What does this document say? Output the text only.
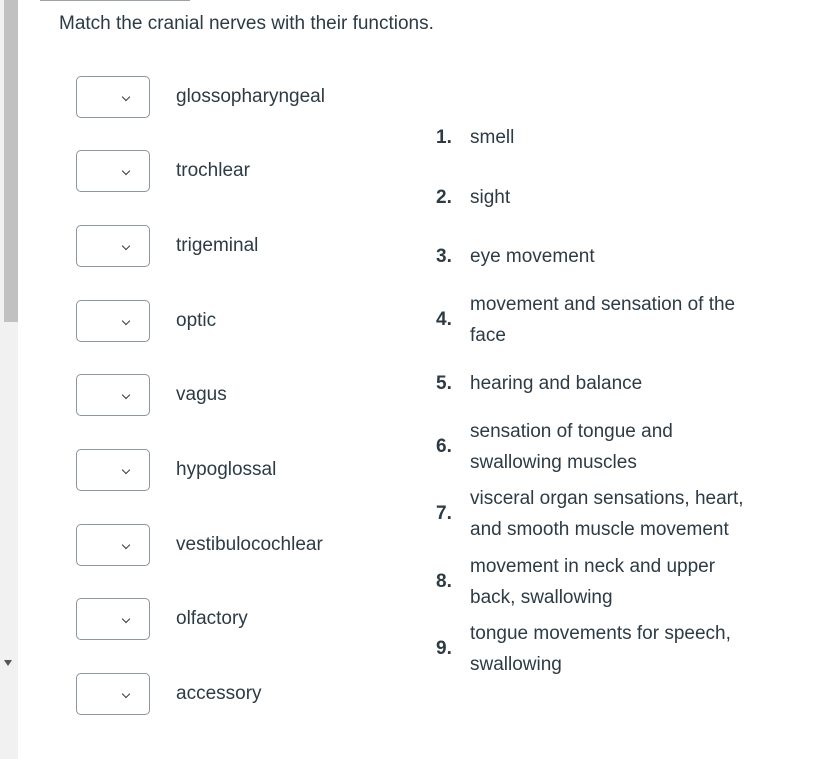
Match the cranial nerves with their functions.
glossopharyngeal
trochlear
trigeminal
optic
vagus
hypoglossal
vestibulocochlear
olfactory
accessory
1. smell
2. sight
3. eye movement
4.
movement and sensation of the
face
5. hearing and balance
6.
sensation of tongue and
swallowing muscles
7.
visceral organ sensations, heart,
and smooth muscle movement
8.
movement in neck and upper
back, swallowing
9.
tongue movements for speech,
swallowing
